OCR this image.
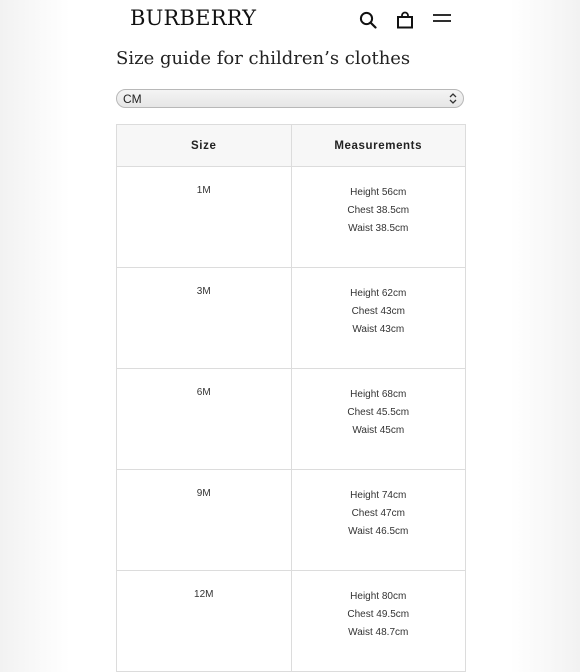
BURBERRY
Size guide for children’s clothes
CM
Size	Measurements

1M	Height 56cm
Chest 38.5cm
Waist 38.5cm

3M	Height 62cm
Chest 43cm
Waist 43cm

6M	Height 68cm
Chest 45.5cm
Waist 45cm

9M	Height 74cm
Chest 47cm
Waist 46.5cm

12M	Height 80cm
Chest 49.5cm
Waist 48.7cm
